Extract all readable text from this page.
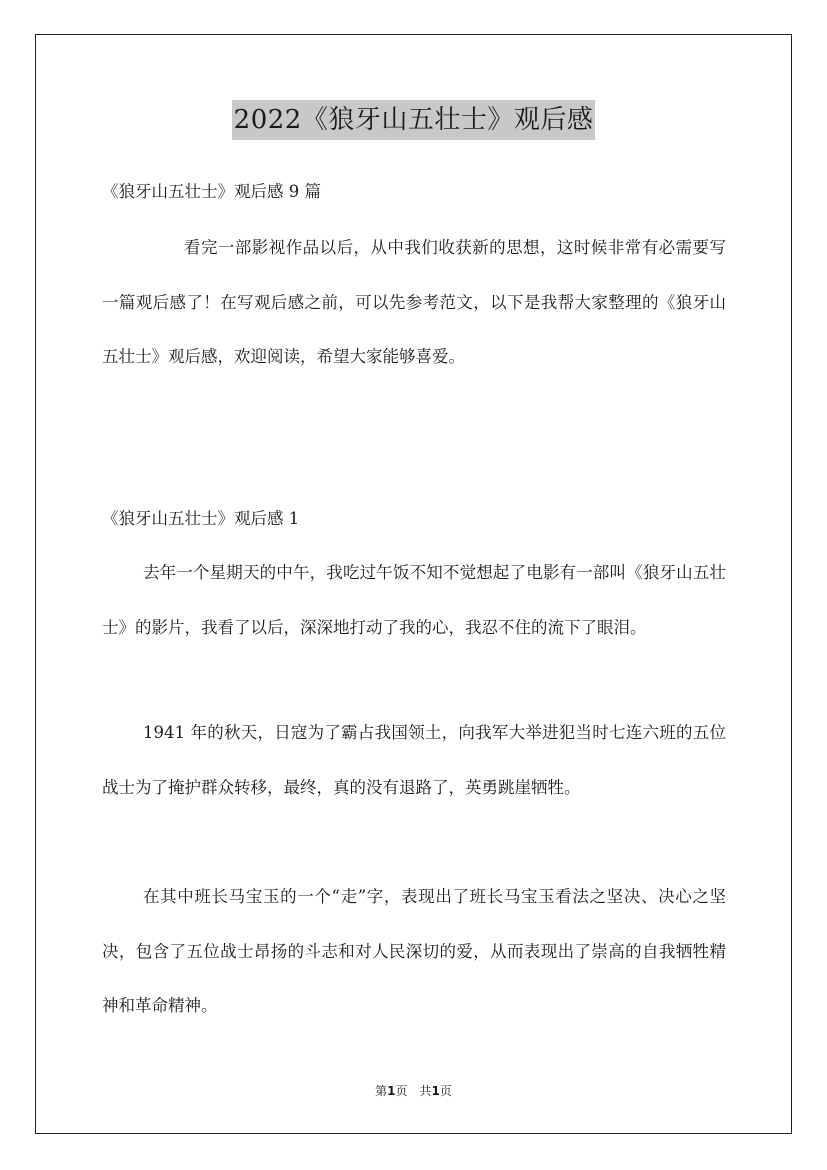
2022《狼牙山五壮士》观后感
《狼牙山五壮士》观后感 9 篇

看完一部影视作品以后，从中我们收获新的思想，这时候非常有必需要写一篇观后感了！在写观后感之前，可以先参考范文，以下是我帮大家整理的《狼牙山五壮士》观后感，欢迎阅读，希望大家能够喜爱。

《狼牙山五壮士》观后感 1

去年一个星期天的中午，我吃过午饭不知不觉想起了电影有一部叫《狼牙山五壮士》的影片，我看了以后，深深地打动了我的心，我忍不住的流下了眼泪。

1941 年的秋天，日寇为了霸占我国领土，向我军大举进犯当时七连六班的五位战士为了掩护群众转移，最终，真的没有退路了，英勇跳崖牺牲。

在其中班长马宝玉的一个“走”字，表现出了班长马宝玉看法之坚决、决心之坚决，包含了五位战士昂扬的斗志和对人民深切的爱，从而表现出了崇高的自我牺牲精神和革命精神。

第1页　共1页
